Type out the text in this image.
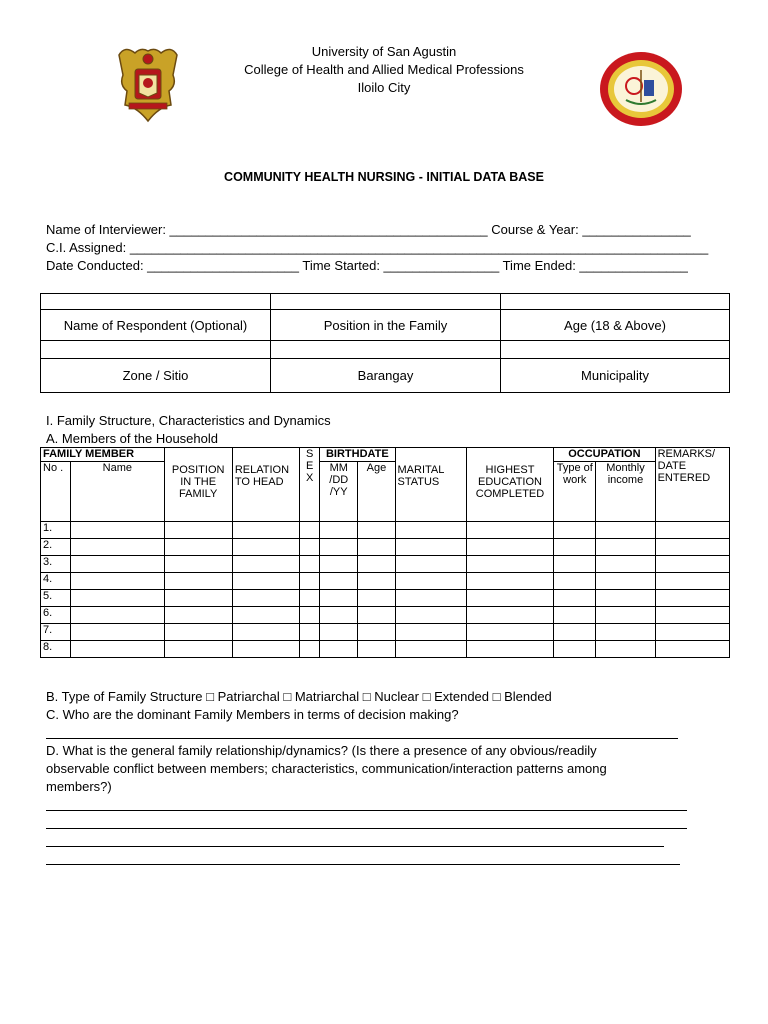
University of San Agustin
College of Health and Allied Medical Professions
Iloilo City
COMMUNITY HEALTH NURSING - INITIAL DATA BASE
Name of Interviewer: ____________________________________________ Course & Year: _______________
C.I. Assigned: ________________________________________________________________________________
Date Conducted: _____________________ Time Started: ________________ Time Ended: _______________

Name of Respondent (Optional)	Position in the Family	Age (18 & Above)

Zone / Sitio	Barangay	Municipality
I. Family Structure, Characteristics and Dynamics
A. Members of the Household
FAMILY MEMBER		POSITION IN THE FAMILY	RELATION TO HEAD	S E X	BIRTHDATE		MARITAL STATUS	HIGHEST EDUCATION COMPLETED	OCCUPATION		REMARKS/ DATE ENTERED
No .	Name				MM /DD /YY	Age			Type of work	Monthly income	
1.											
2.											
3.											
4.											
5.											
6.											
7.											
8.											
B. Type of Family Structure □ Patriarchal □ Matriarchal □ Nuclear □ Extended □ Blended
C. Who are the dominant Family Members in terms of decision making?
D. What is the general family relationship/dynamics? (Is there a presence of any obvious/readily
observable conflict between members; characteristics, communication/interaction patterns among
members?)
